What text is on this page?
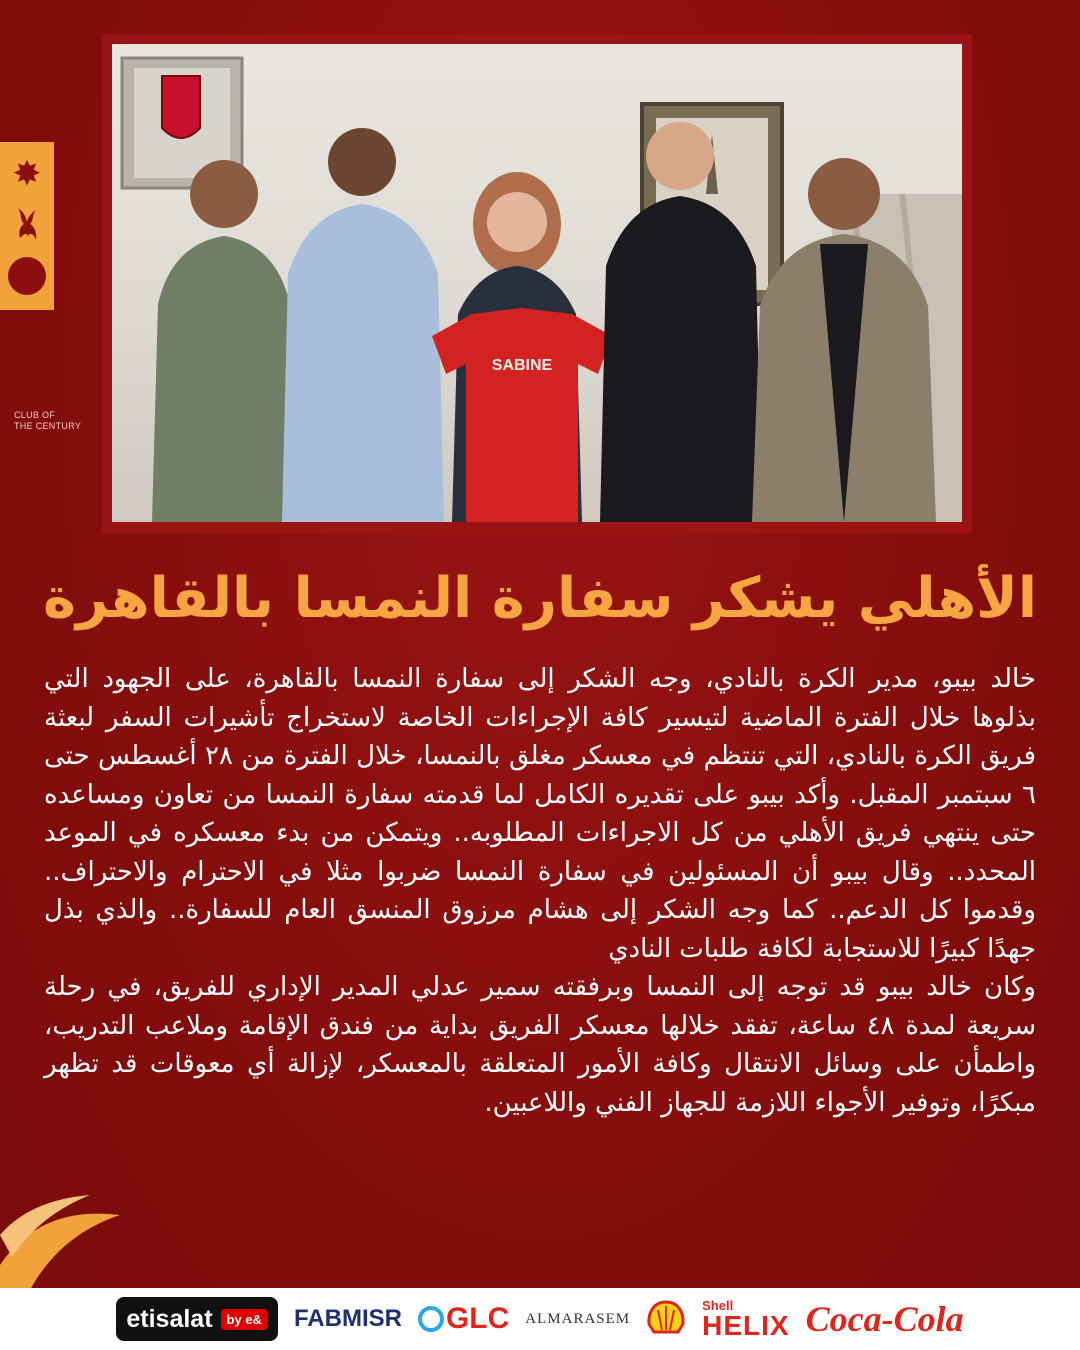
✸
CLUB OF
THE CENTURY
SABINE
الأهلي يشكر سفارة النمسا بالقاهرة

خالد بيبو، مدير الكرة بالنادي، وجه الشكر إلى سفارة النمسا بالقاهرة، على الجهود التي بذلوها خلال الفترة الماضية لتيسير كافة الإجراءات الخاصة لاستخراج تأشيرات السفر لبعثة فريق الكرة بالنادي، التي تنتظم في معسكر مغلق بالنمسا، خلال الفترة من ٢٨ أغسطس حتى ٦ سبتمبر المقبل. وأكد بيبو على تقديره الكامل لما قدمته سفارة النمسا من تعاون ومساعده حتى ينتهي فريق الأهلي من كل الاجراءات المطلوبه.. ويتمكن من بدء معسكره في الموعد المحدد.. وقال بيبو أن المسئولين في سفارة النمسا ضربوا مثلا في الاحترام والاحتراف.. وقدموا كل الدعم.. كما وجه الشكر إلى هشام مرزوق المنسق العام للسفارة.. والذي بذل جهدًا كبيرًا للاستجابة لكافة طلبات النادي

وكان خالد بيبو قد توجه إلى النمسا وبرفقته سمير عدلي المدير الإداري للفريق، في رحلة سريعة لمدة ٤٨ ساعة، تفقد خلالها معسكر الفريق بداية من فندق الإقامة وملاعب التدريب، واطمأن على وسائل الانتقال وكافة الأمور المتعلقة بالمعسكر، لإزالة أي معوقات قد تظهر مبكرًا، وتوفير الأجواء اللازمة للجهاز الفني واللاعبين.

etisalat	by e& FAB MISR GLC ALMARASEM
Shell
HELIX Coca-Cola
